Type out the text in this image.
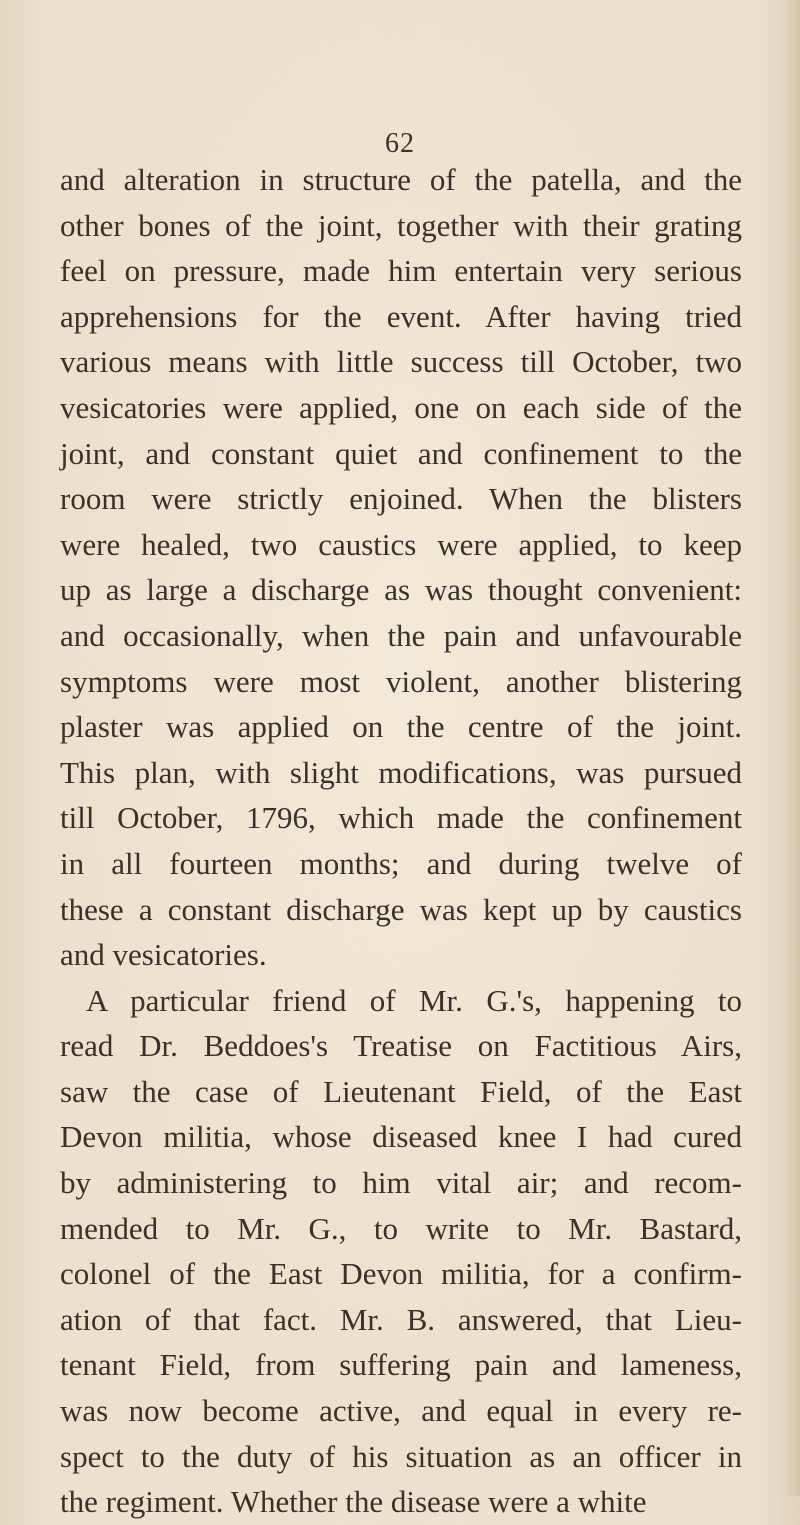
62
and alteration in structure of the patella, and the
other bones of the joint, together with their grating
feel on pressure, made him entertain very serious
apprehensions for the event. After having tried
various means with little success till October, two
vesicatories were applied, one on each side of the
joint, and constant quiet and confinement to the
room were strictly enjoined. When the blisters
were healed, two caustics were applied, to keep
up as large a discharge as was thought convenient:
and occasionally, when the pain and unfavourable
symptoms were most violent, another blistering
plaster was applied on the centre of the joint.
This plan, with slight modifications, was pursued
till October, 1796, which made the confinement
in all fourteen months; and during twelve of
these a constant discharge was kept up by caustics
and vesicatories.
A particular friend of Mr. G.'s, happening to
read Dr. Beddoes's Treatise on Factitious Airs,
saw the case of Lieutenant Field, of the East
Devon militia, whose diseased knee I had cured
by administering to him vital air; and recom-
mended to Mr. G., to write to Mr. Bastard,
colonel of the East Devon militia, for a confirm-
ation of that fact. Mr. B. answered, that Lieu-
tenant Field, from suffering pain and lameness,
was now become active, and equal in every re-
spect to the duty of his situation as an officer in
the regiment. Whether the disease were a white
